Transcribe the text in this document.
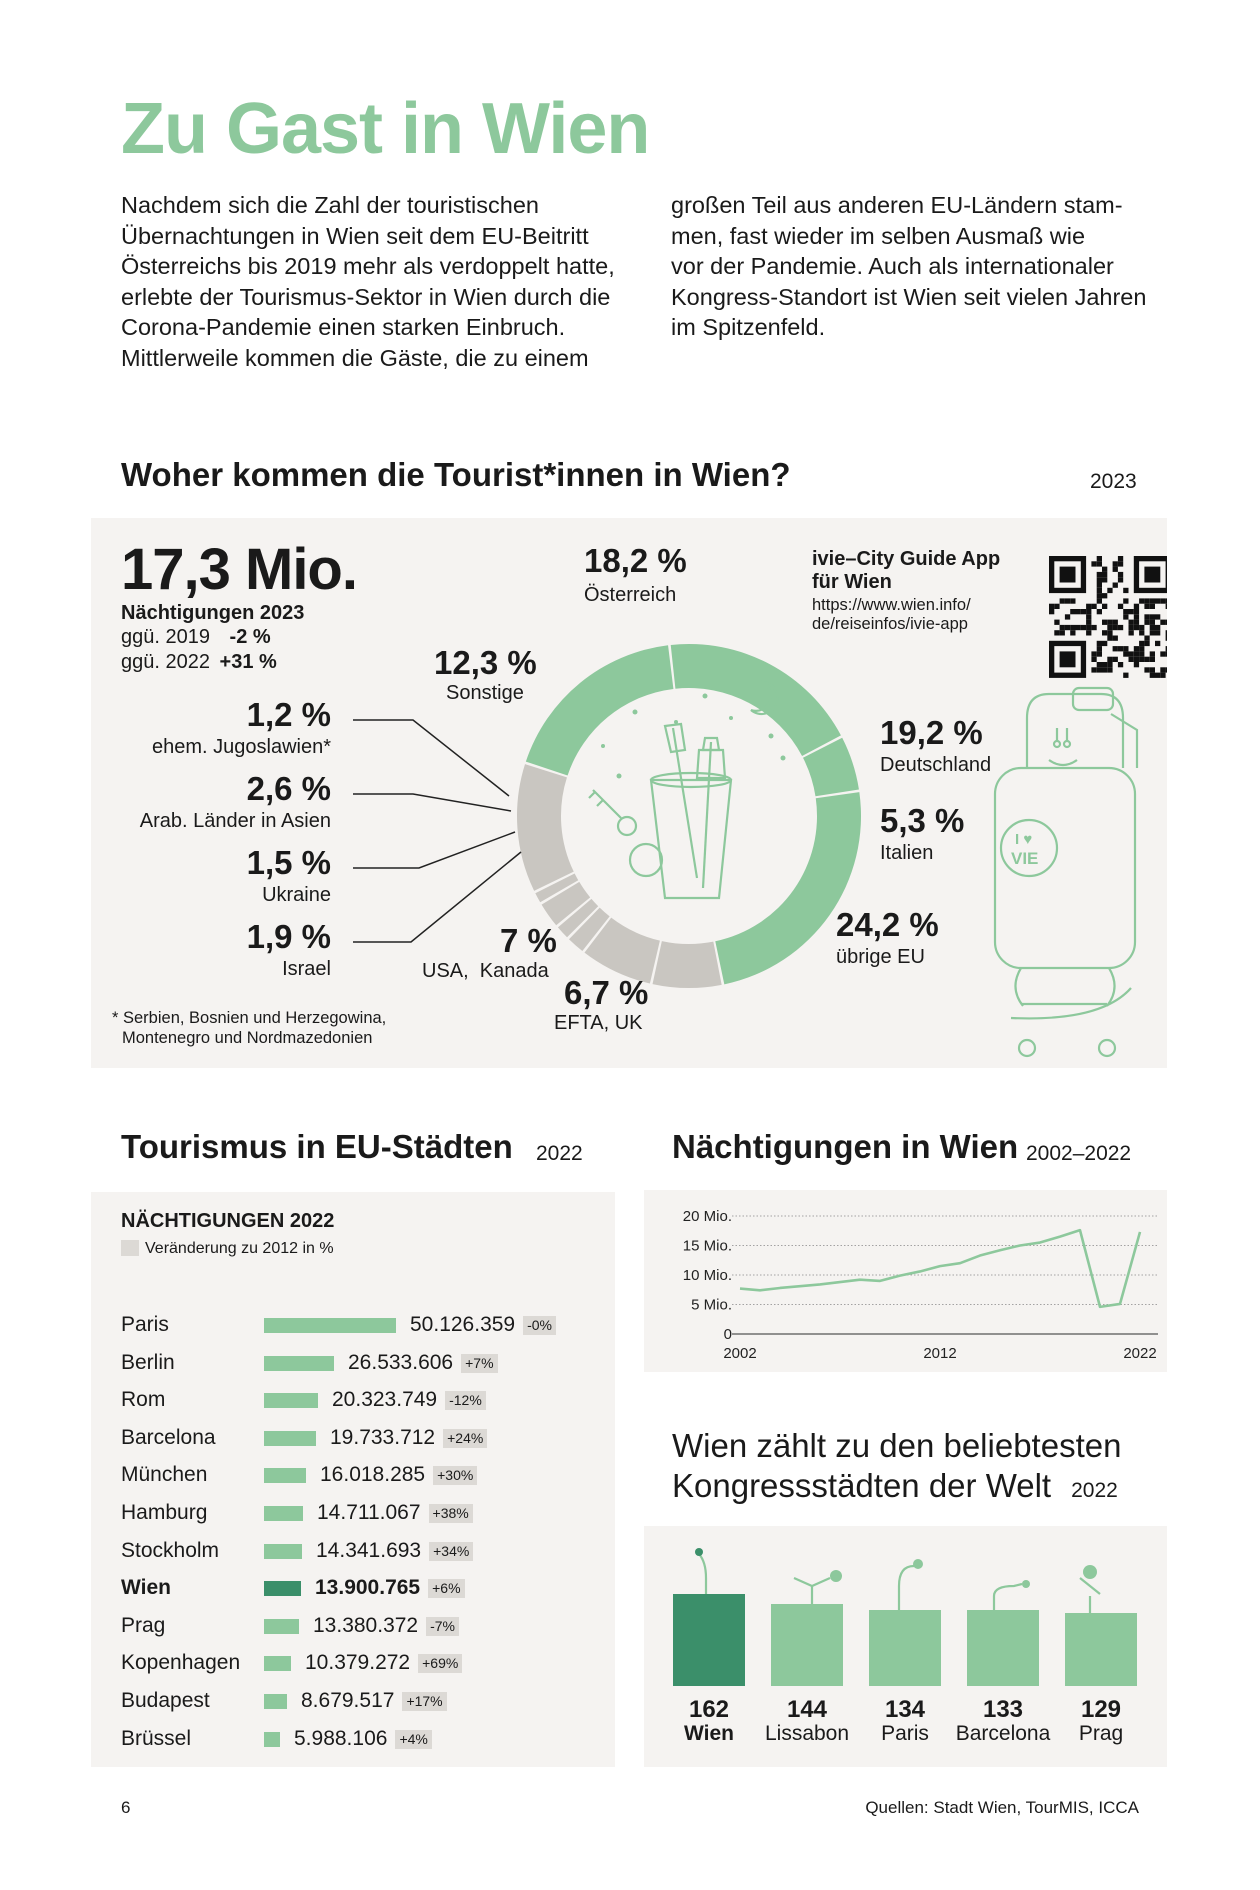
Zu Gast in Wien
Nachdem sich die Zahl der touristischen
Übernachtungen in Wien seit dem EU-Beitritt
Österreichs bis 2019 mehr als verdoppelt hatte,
erlebte der Tourismus-Sektor in Wien durch die
Corona-Pandemie einen starken Einbruch.
Mittlerweile kommen die Gäste, die zu einem
großen Teil aus anderen EU-Ländern stam-
men, fast wieder im selben Ausmaß wie
vor der Pandemie. Auch als internationaler
Kongress-Standort ist Wien seit vielen Jahren
im Spitzenfeld.
Woher kommen die Tourist*innen in Wien?	2023
17,3 Mio.
Nächtigungen 2023
ggü. 2019 -2 %
ggü. 2022 +31 %
I ♥
VIE
18,2 %
Österreich
19,2 %
Deutschland
5,3 %
Italien
24,2 %
übrige EU
6,7 %
EFTA, UK
7 %
USA,  Kanada
12,3 %
Sonstige
1,2 %
ehem. Jugoslawien*
2,6 %
Arab. Länder in Asien
1,5 %
Ukraine
1,9 %
Israel
* Serbien, Bosnien und Herzegowina,
Montenegro und Nordmazedonien
ivie–City Guide App
für Wien
https://www.wien.info/
de/reiseinfos/ivie-app
Tourismus in EU-Städten 2022
NÄCHTIGUNGEN 2022
Veränderung zu 2012 in %
Paris	50.126.359 -0%
Berlin	26.533.606 +7%
Rom	20.323.749 -12%
Barcelona	19.733.712 +24%
München	16.018.285 +30%
Hamburg	14.711.067 +38%
Stockholm	14.341.693 +34%
Wien	13.900.765 +6%
Prag	13.380.372 -7%
Kopenhagen	10.379.272 +69%
Budapest	8.679.517 +17%
Brüssel	5.988.106 +4%
Nächtigungen in Wien 2002–2022
20 Mio.
15 Mio.
10 Mio.
5 Mio.
0
2002	2012	2022
Wien zählt zu den beliebtesten
Kongressstädten der Welt 2022
162
Wien
144
Lissabon
134
Paris
133
Barcelona
129
Prag
6	Quellen: Stadt Wien, TourMIS, ICCA
